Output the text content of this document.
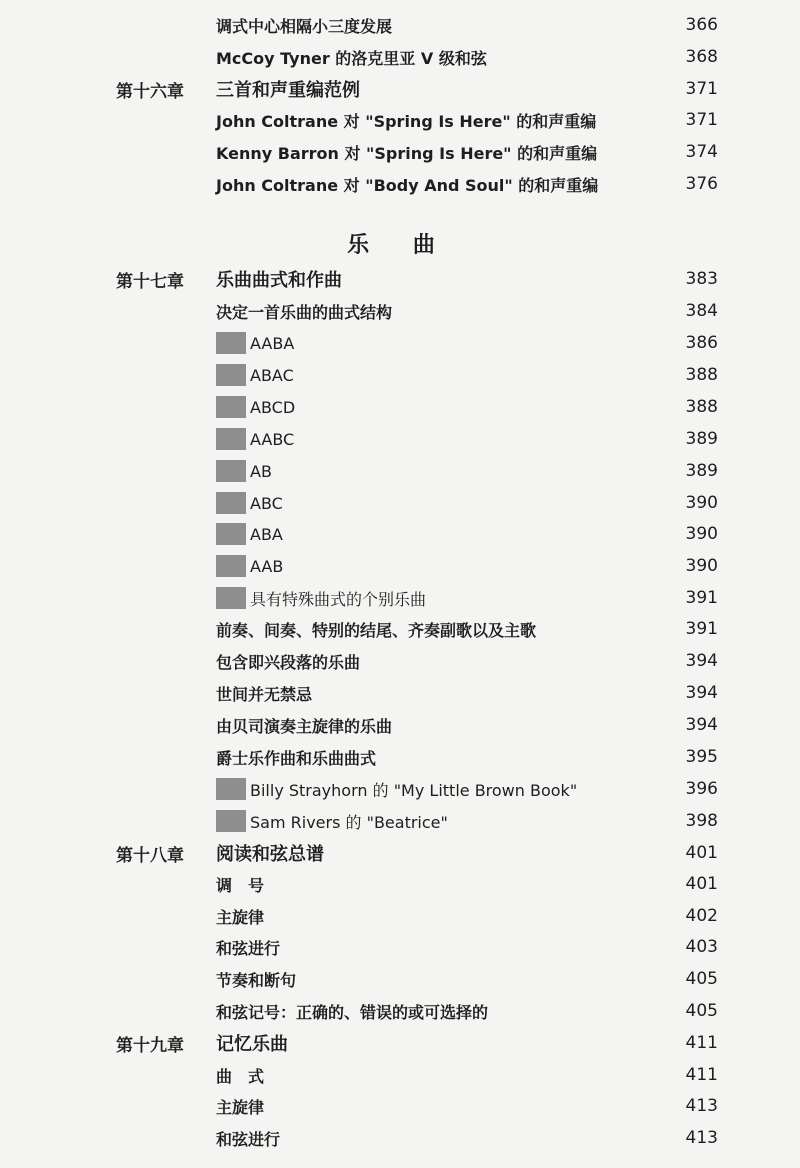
乐 曲
调式中心相隔小三度发展	366
McCoy Tyner 的洛克里亚 V 级和弦	368
第十六章 三首和声重编范例	371
John Coltrane 对 "Spring Is Here" 的和声重编	371
Kenny Barron 对 "Spring Is Here" 的和声重编	374
John Coltrane 对 "Body And Soul" 的和声重编	376
第十七章 乐曲曲式和作曲	383
决定一首乐曲的曲式结构	384
AABA	386
ABAC	388
ABCD	388
AABC	389
AB	389
ABC	390
ABA	390
AAB	390
具有特殊曲式的个别乐曲	391
前奏、间奏、特别的结尾、齐奏副歌以及主歌	391
包含即兴段落的乐曲	394
世间并无禁忌	394
由贝司演奏主旋律的乐曲	394
爵士乐作曲和乐曲曲式	395
Billy Strayhorn 的 "My Little Brown Book"	396
Sam Rivers 的 "Beatrice"	398
第十八章 阅读和弦总谱	401
调　号	401
主旋律	402
和弦进行	403
节奏和断句	405
和弦记号：正确的、错误的或可选择的	405
第十九章 记忆乐曲	411
曲　式	411
主旋律	413
和弦进行	413
